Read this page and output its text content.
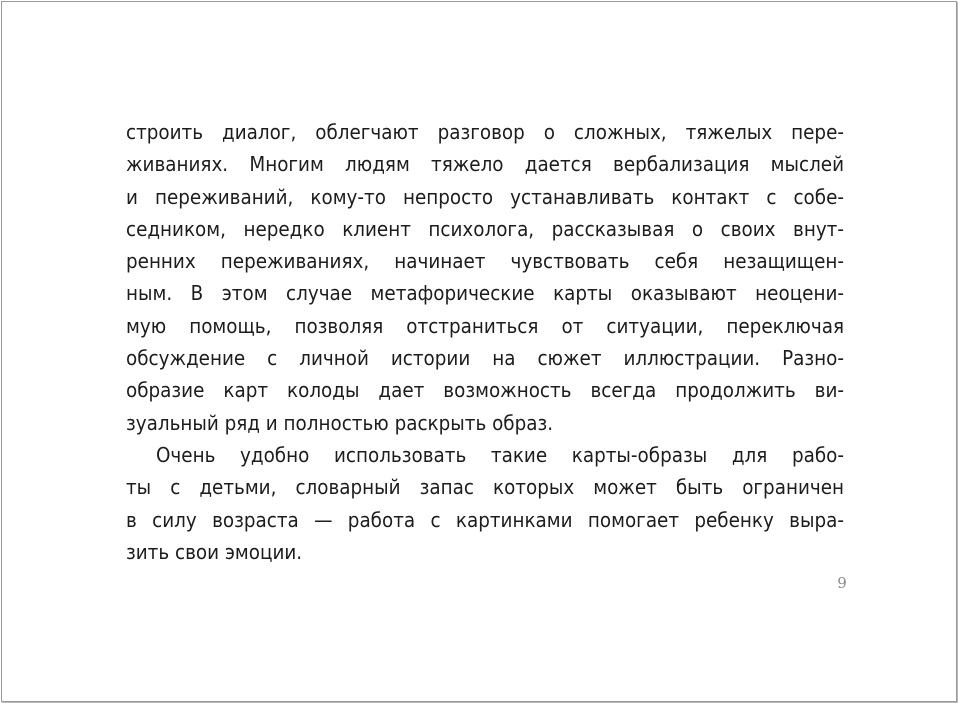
строить диалог, облегчают разговор о сложных, тяжелых пере-
живаниях. Многим людям тяжело дается вербализация мыслей
и переживаний, кому-то непросто устанавливать контакт с собе-
седником, нередко клиент психолога, рассказывая о своих внут-
ренних переживаниях, начинает чувствовать себя незащищен-
ным. В этом случае метафорические карты оказывают неоцени-
мую помощь, позволяя отстраниться от ситуации, переключая
обсуждение с личной истории на сюжет иллюстрации. Разно-
образие карт колоды дает возможность всегда продолжить ви-
зуальный ряд и полностью раскрыть образ.
Очень удобно использовать такие карты-образы для рабо-
ты с детьми, словарный запас которых может быть ограничен
в силу возраста — работа с картинками помогает ребенку выра-
зить свои эмоции.
9
